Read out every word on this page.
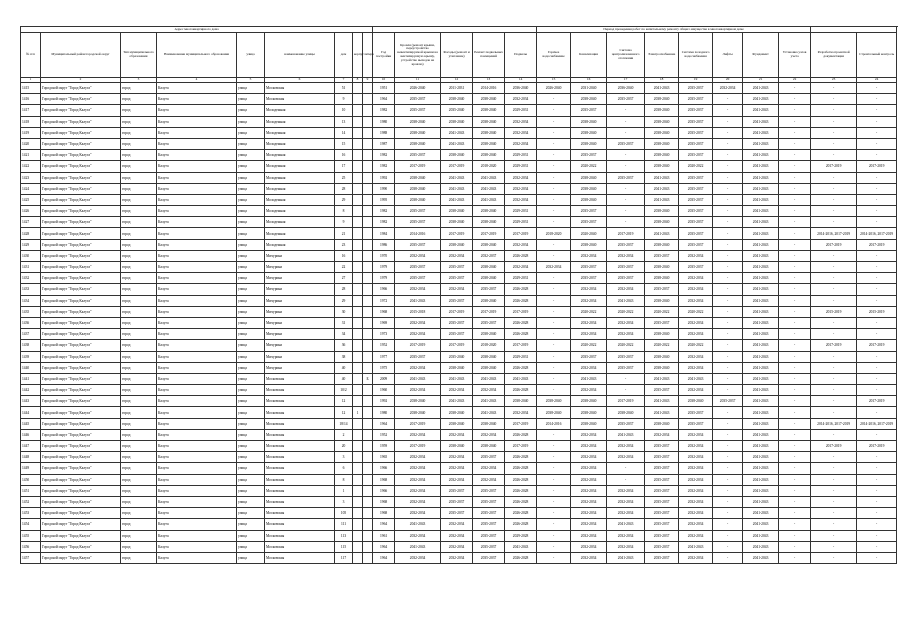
Адрес многоквартирного дома														Период проведения работ по капитальному ремонту общего имущества в многоквартирном доме									
№ п/п	Муниципальный район/городской округ	Тип муниципального образования	Наименование муниципального образования	улица	наименование улицы	дом	корпус	литера	Год постройки	Кровля (ремонт крыши, переустройство невентилируемой крыши на вентилируемую крышу, устройство выходов на кровлю)	Фасады (ремонт и утепление)	Ремонт подвальных помещений	Подвалы	Горячее водоснабжение	Канализация	Система централизованного отопления	Электроснабжение	Система холодного водоснабжения	Лифты	Фундамент	Установка узлов учета	Разработка проектной документации	Строительный контроль
1	2	3	4	5	6	7	8	9	10	11	12	13	14	15	16	17	18	19	20	21	22	23	24
1415	Городской округ "Город Калуга"	город	Калуга	улица	Московская	51			1951	2026-2040	2011-2031	2014-2016	2036-2040	2026-2040	2031-2040	2036-2040	2041-2043	2035-2037	2032-2034	2041-2043	-	-	-
1416	Городской округ "Город Калуга"	город	Калуга	улица	Московская	9			1964	2035-2037	2038-2040	2038-2040	2032-2034	-	2038-2040	2035-2037	2038-2040	2035-2037	-	2041-2043	-	-	-
1417	Городской округ "Город Калуга"	город	Калуга	улица	Молодежная	10			1982	2035-2037	2035-2040	2038-2040	2029-2031	-	2035-2037	-	2038-2040	2035-2037	-	2041-2043	-	-	-
1418	Городской округ "Город Калуга"	город	Калуга	улица	Молодежная	13			1980	2038-2040	2038-2040	2038-2040	2032-2034	-	2038-2040	-	2038-2040	2035-2037	-	2041-2043	-	-	-
1419	Городской округ "Город Калуга"	город	Калуга	улица	Молодежная	14			1988	2038-2040	2041-2043	2038-2040	2032-2034	-	2038-2040	-	2038-2040	2035-2037	-	2041-2043	-	-	-
1420	Городской округ "Город Калуга"	город	Калуга	улица	Молодежная	15			1987	2038-2040	2041-2043	2038-2040	2032-2034	-	2038-2040	2035-2037	2038-2040	2035-2037	-	2041-2043	-	-	-
1421	Городской округ "Город Калуга"	город	Калуга	улица	Молодежная	16			1982	2035-2037	2038-2040	2038-2040	2029-2031	-	2035-2037	-	2038-2040	2035-2037	-	2041-2043	-	-	-
1422	Городской округ "Город Калуга"	город	Калуга	улица	Молодежная	17			1982	2017-2019	2017-2019	2018-2020	2029-2031	-	2020-2022	-	2038-2040	2020-2022	-	2041-2043	-	2017-2019	2017-2019
1423	Городской округ "Город Калуга"	город	Калуга	улица	Молодежная	25			1992	2038-2040	2041-2043	2041-2043	2032-2034	-	2038-2040	2035-2037	2041-2043	2035-2037	-	2041-2043	-	-	-
1424	Городской округ "Город Калуга"	город	Калуга	улица	Молодежная	28			1990	2038-2040	2041-2043	2041-2043	2032-2034	-	2038-2040	-	2041-2043	2035-2037	-	2041-2043	-	-	-
1425	Городской округ "Город Калуга"	город	Калуга	улица	Молодежная	29			1995	2038-2040	2041-2043	2041-2043	2032-2034	-	2038-2040	-	2041-2043	2035-2037	-	2041-2043	-	-	-
1426	Городской округ "Город Калуга"	город	Калуга	улица	Молодежная	8			1982	2035-2037	2038-2040	2038-2040	2029-2031	-	2035-2037	-	2038-2040	2035-2037	-	2041-2043	-	-	-
1427	Городской округ "Город Калуга"	город	Калуга	улица	Молодежная	9			1982	2035-2037	2038-2040	2038-2040	2029-2031	-	2035-2037	-	2038-2040	2035-2037	-	2041-2043	-	-	-
1428	Городской округ "Город Калуга"	город	Калуга	улица	Молодежная	21			1984	2014-2016	2017-2019	2017-2019	2017-2019	2018-2020	2020-2040	2017-2019	2041-2043	2035-2037	-	2041-2043	-	2014-2016, 2017-2019	2014-2016, 2017-2019
1429	Городской округ "Город Калуга"	город	Калуга	улица	Молодежная	23			1986	2035-2037	2038-2040	2038-2040	2032-2034	-	2038-2040	2035-2037	2038-2040	2035-2037	-	2041-2043	-	2017-2019	2017-2019
1430	Городской округ "Город Калуга"	город	Калуга	улица	Мичурина	16			1970	2032-2034	2032-2034	2032-2037	2026-2028	-	2032-2034	2032-2034	2035-2037	2032-2034	-	2041-2043	-	-	-
1431	Городской округ "Город Калуга"	город	Калуга	улица	Мичурина	22			1979	2035-2037	2035-2037	2038-2040	2032-2034	2032-2034	2035-2037	2035-2037	2038-2040	2035-2037	-	2041-2043	-	-	-
1432	Городской округ "Город Калуга"	город	Калуга	улица	Мичурина	27			1979	2035-2037	2035-2037	2038-2040	2029-2031	-	2035-2037	2035-2037	2038-2040	2032-2034	-	2041-2043	-	-	-
1433	Городской округ "Город Калуга"	город	Калуга	улица	Мичурина	28			1966	2032-2034	2032-2034	2035-2037	2026-2028	-	2032-2034	2032-2034	2035-2037	2032-2034	-	2041-2043	-	-	-
1434	Городской округ "Город Калуга"	город	Калуга	улица	Мичурина	29			1972	2041-2043	2035-2037	2038-2040	2026-2028	-	2032-2034	2041-2043	2038-2040	2032-2034	-	2041-2043	-	-	-
1435	Городской округ "Город Калуга"	город	Калуга	улица	Мичурина	30			1968	2015-2018	2017-2019	2017-2019	2017-2019	-	2020-2022	2020-2022	2020-2022	2020-2022	-	2041-2043	-	2015-2019	2015-2019
1436	Городской округ "Город Калуга"	город	Калуга	улица	Мичурина	31			1969	2032-2034	2035-2037	2035-2037	2026-2028	-	2032-2034	2032-2034	2035-2037	2032-2034	-	2041-2043	-	-	-
1437	Городской округ "Город Калуга"	город	Калуга	улица	Мичурина	34			1973	2032-2034	2035-2037	2038-2040	2026-2028	-	2032-2034	2032-2034	2038-2040	2032-2034	-	2041-2043	-	-	-
1438	Городской округ "Город Калуга"	город	Калуга	улица	Мичурина	36			1952	2017-2019	2017-2019	2018-2020	2017-2019	-	2020-2022	2020-2022	2020-2022	2020-2022	-	2041-2043	-	2017-2019	2017-2019
1439	Городской округ "Город Калуга"	город	Калуга	улица	Мичурина	38			1977	2035-2037	2035-2040	2038-2040	2029-2031	-	2035-2037	2035-2037	2038-2040	2032-2034	-	2041-2043	-	-	-
1440	Городской округ "Город Калуга"	город	Калуга	улица	Мичурина	40			1975	2032-2034	2038-2040	2038-2040	2026-2028	-	2032-2034	2035-2037	2038-2040	2032-2034	-	2041-2043	-	-	-
1441	Городской округ "Город Калуга"	город	Калуга	улица	Московская	40		Б	2009	2041-2043	2041-2043	2041-2043	2041-2043	-	2041-2043	-	2041-2043	2041-2043	-	2041-2043	-	-	-
1442	Городской округ "Город Калуга"	город	Калуга	улица	Московская	10/2			1960	2032-2034	2032-2034	2032-2034	2026-2028	-	2032-2034	-	2035-2037	2032-2034	-	2041-2043	-	-	-
1443	Городской округ "Город Калуга"	город	Калуга	улица	Московская	12			1992	2038-2040	2041-2043	2041-2043	2038-2040	2038-2040	2038-2040	2017-2019	2041-2043	2038-2040	2035-2037	2041-2043	-	-	2017-2019
1444	Городской округ "Город Калуга"	город	Калуга	улица	Московская	12	1		1980	2038-2040	2038-2040	2041-2043	2032-2034	2038-2040	2038-2040	2038-2040	2041-2043	2035-2037	-	2041-2043	-	-	-
1445	Городской округ "Город Калуга"	город	Калуга	улица	Московская	18/14			1964	2017-2019	2038-2040	2038-2040	2017-2019	2014-2016	2038-2040	2035-2037	2038-2040	2035-2037	-	2041-2043	-	2014-2016, 2017-2019	2014-2016, 2017-2019
1446	Городской округ "Город Калуга"	город	Калуга	улица	Московская	2			1952	2032-2034	2032-2034	2032-2034	2026-2028	-	2032-2034	2041-2043	2032-2034	2032-2034	-	2041-2043	-	-	-
1447	Городской округ "Город Калуга"	город	Калуга	улица	Московская	20			1959	2017-2019	2038-2040	2038-2040	2017-2019	-	2032-2034	2032-2034	2035-2037	2032-2034	-	2041-2043	-	2017-2019	2017-2019
1448	Городской округ "Город Калуга"	город	Калуга	улица	Московская	3			1965	2032-2034	2032-2034	2035-2037	2026-2028	-	2032-2034	2032-2034	2035-2037	2032-2034	-	2041-2043	-	-	-
1449	Городской округ "Город Калуга"	город	Калуга	улица	Московская	6			1966	2032-2034	2032-2034	2032-2034	2026-2028	-	2032-2034	-	2035-2037	2032-2034	-	2041-2043	-	-	-
1450	Городской округ "Город Калуга"	город	Калуга	улица	Московская	8			1968	2032-2034	2032-2034	2032-2034	2026-2028	-	2032-2034	-	2035-2037	2032-2034	-	2041-2043	-	-	-
1451	Городской округ "Город Калуга"	город	Калуга	улица	Московская	1			1966	2032-2034	2035-2037	2035-2037	2026-2028	-	2032-2034	2032-2034	2035-2037	2032-2034	-	2041-2043	-	-	-
1452	Городской округ "Город Калуга"	город	Калуга	улица	Московская	3			1968	2032-2034	2035-2037	2035-2037	2026-2028	-	2032-2034	2032-2034	2035-2037	2032-2034	-	2041-2043	-	-	-
1453	Городской округ "Город Калуга"	город	Калуга	улица	Московская	105			1968	2032-2034	2035-2037	2035-2037	2026-2028	-	2032-2034	2032-2034	2035-2037	2032-2034	-	2041-2043	-	-	-
1454	Городской округ "Город Калуга"	город	Калуга	улица	Московская	111			1964	2041-2043	2032-2034	2035-2037	2026-2028	-	2032-2034	2041-2043	2035-2037	2032-2034	-	2041-2043	-	-	-
1455	Городской округ "Город Калуга"	город	Калуга	улица	Московская	113			1961	2032-2034	2032-2034	2035-2037	2029-2028	-	2032-2034	2032-2034	2035-2037	2032-2034	-	2041-2043	-	-	-
1456	Городской округ "Город Калуга"	город	Калуга	улица	Московская	115			1964	2041-2043	2032-2034	2035-2037	2041-2043	-	2032-2034	2032-2034	2035-2037	2041-2043	-	2041-2043	-	-	-
1457	Городской округ "Город Калуга"	город	Калуга	улица	Московская	117			1964	2032-2034	2032-2034	2035-2037	2026-2028	-	2032-2034	2041-2043	2035-2037	2032-2034	-	2041-2043	-	-	-
